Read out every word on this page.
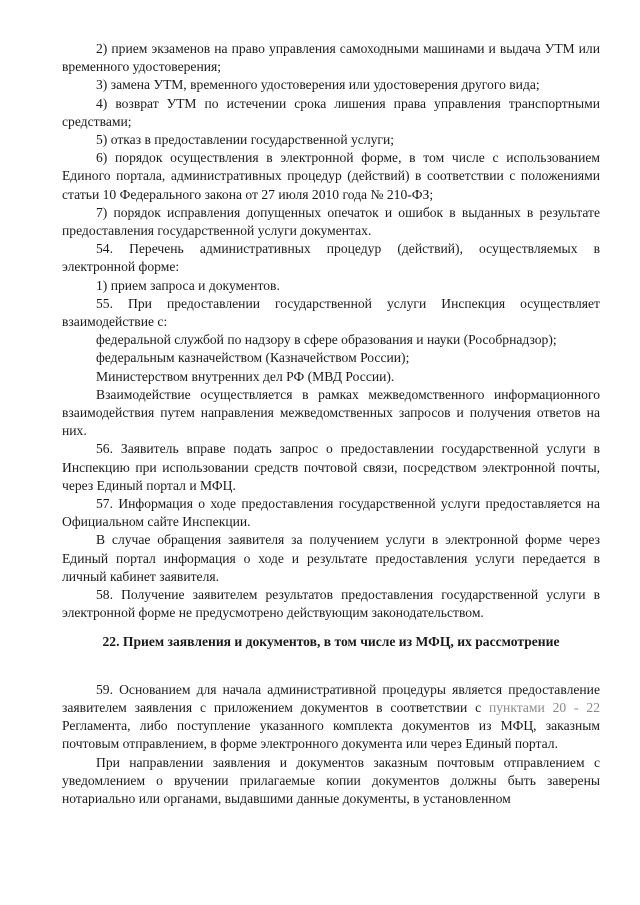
2) прием экзаменов на право управления самоходными машинами и выдача УТМ или временного удостоверения;

3) замена УТМ, временного удостоверения или удостоверения другого вида;

4) возврат УТМ по истечении срока лишения права управления транспортными средствами;

5) отказ в предоставлении государственной услуги;

6) порядок осуществления в электронной форме, в том числе с использованием Единого портала, административных процедур (действий) в соответствии с положениями статьи 10 Федерального закона от 27 июля 2010 года № 210-ФЗ;

7) порядок исправления допущенных опечаток и ошибок в выданных в результате предоставления государственной услуги документах.

54. Перечень административных процедур (действий), осуществляемых в электронной форме:

1) прием запроса и документов.

55. При предоставлении государственной услуги Инспекция осуществляет взаимодействие с:

федеральной службой по надзору в сфере образования и науки (Рособрнадзор);

федеральным казначейством (Казначейством России);

Министерством внутренних дел РФ (МВД России).

Взаимодействие осуществляется в рамках межведомственного информационного взаимодействия путем направления межведомственных запросов и получения ответов на них.

56. Заявитель вправе подать запрос о предоставлении государственной услуги в Инспекцию при использовании средств почтовой связи, посредством электронной почты, через Единый портал и МФЦ.

57. Информация о ходе предоставления государственной услуги предоставляется на Официальном сайте Инспекции.

В случае обращения заявителя за получением услуги в электронной форме через Единый портал информация о ходе и результате предоставления услуги передается в личный кабинет заявителя.

58. Получение заявителем результатов предоставления государственной услуги в электронной форме не предусмотрено действующим законодательством.

22. Прием заявления и документов, в том числе из МФЦ, их рассмотрение

59. Основанием для начала административной процедуры является предоставление заявителем заявления с приложением документов в соответствии с пунктами 20 - 22 Регламента, либо поступление указанного комплекта документов из МФЦ, заказным почтовым отправлением, в форме электронного документа или через Единый портал.

При направлении заявления и документов заказным почтовым отправлением с уведомлением о вручении прилагаемые копии документов должны быть заверены нотариально или органами, выдавшими данные документы, в установленном
